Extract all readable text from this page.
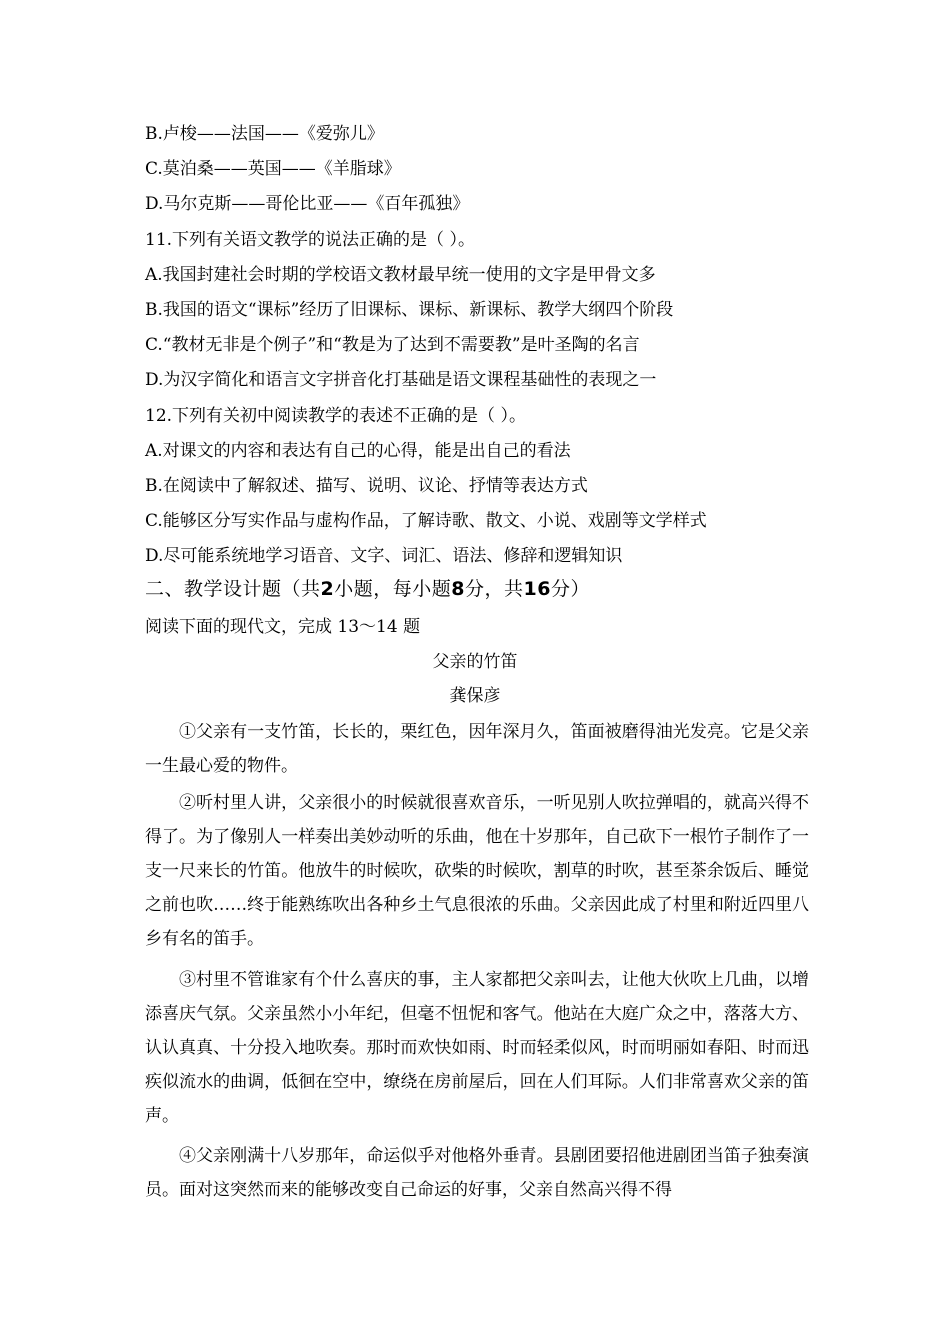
B.卢梭——法国——《爱弥儿》
C.莫泊桑——英国——《羊脂球》
D.马尔克斯——哥伦比亚——《百年孤独》
11.下列有关语文教学的说法正确的是（ ）。
A.我国封建社会时期的学校语文教材最早统一使用的文字是甲骨文多
B.我国的语文“课标”经历了旧课标、课标、新课标、教学大纲四个阶段
C.“教材无非是个例子”和“教是为了达到不需要教”是叶圣陶的名言
D.为汉字简化和语言文字拼音化打基础是语文课程基础性的表现之一
12.下列有关初中阅读教学的表述不正确的是（ ）。
A.对课文的内容和表达有自己的心得，能是出自己的看法
B.在阅读中了解叙述、描写、说明、议论、抒情等表达方式
C.能够区分写实作品与虚构作品，了解诗歌、散文、小说、戏剧等文学样式
D.尽可能系统地学习语音、文字、词汇、语法、修辞和逻辑知识
二、教学设计题（共2小题，每小题8分，共16分）
阅读下面的现代文，完成 13～14 题
父亲的竹笛
龚保彦
①父亲有一支竹笛，长长的，栗红色，因年深月久，笛面被磨得油光发亮。它是父亲一生最心爱的物件。
②听村里人讲，父亲很小的时候就很喜欢音乐，一听见别人吹拉弹唱的，就高兴得不得了。为了像别人一样奏出美妙动听的乐曲，他在十岁那年，自己砍下一根竹子制作了一支一尺来长的竹笛。他放牛的时候吹，砍柴的时候吹，割草的时吹，甚至茶余饭后、睡觉之前也吹……终于能熟练吹出各种乡土气息很浓的乐曲。父亲因此成了村里和附近四里八乡有名的笛手。
③村里不管谁家有个什么喜庆的事，主人家都把父亲叫去，让他大伙吹上几曲，以增添喜庆气氛。父亲虽然小小年纪，但毫不忸怩和客气。他站在大庭广众之中，落落大方、认认真真、十分投入地吹奏。那时而欢快如雨、时而轻柔似风，时而明丽如春阳、时而迅疾似流水的曲调，低徊在空中，缭绕在房前屋后，回在人们耳际。人们非常喜欢父亲的笛声。
④父亲刚满十八岁那年，命运似乎对他格外垂青。县剧团要招他进剧团当笛子独奏演员。面对这突然而来的能够改变自己命运的好事，父亲自然高兴得不得
